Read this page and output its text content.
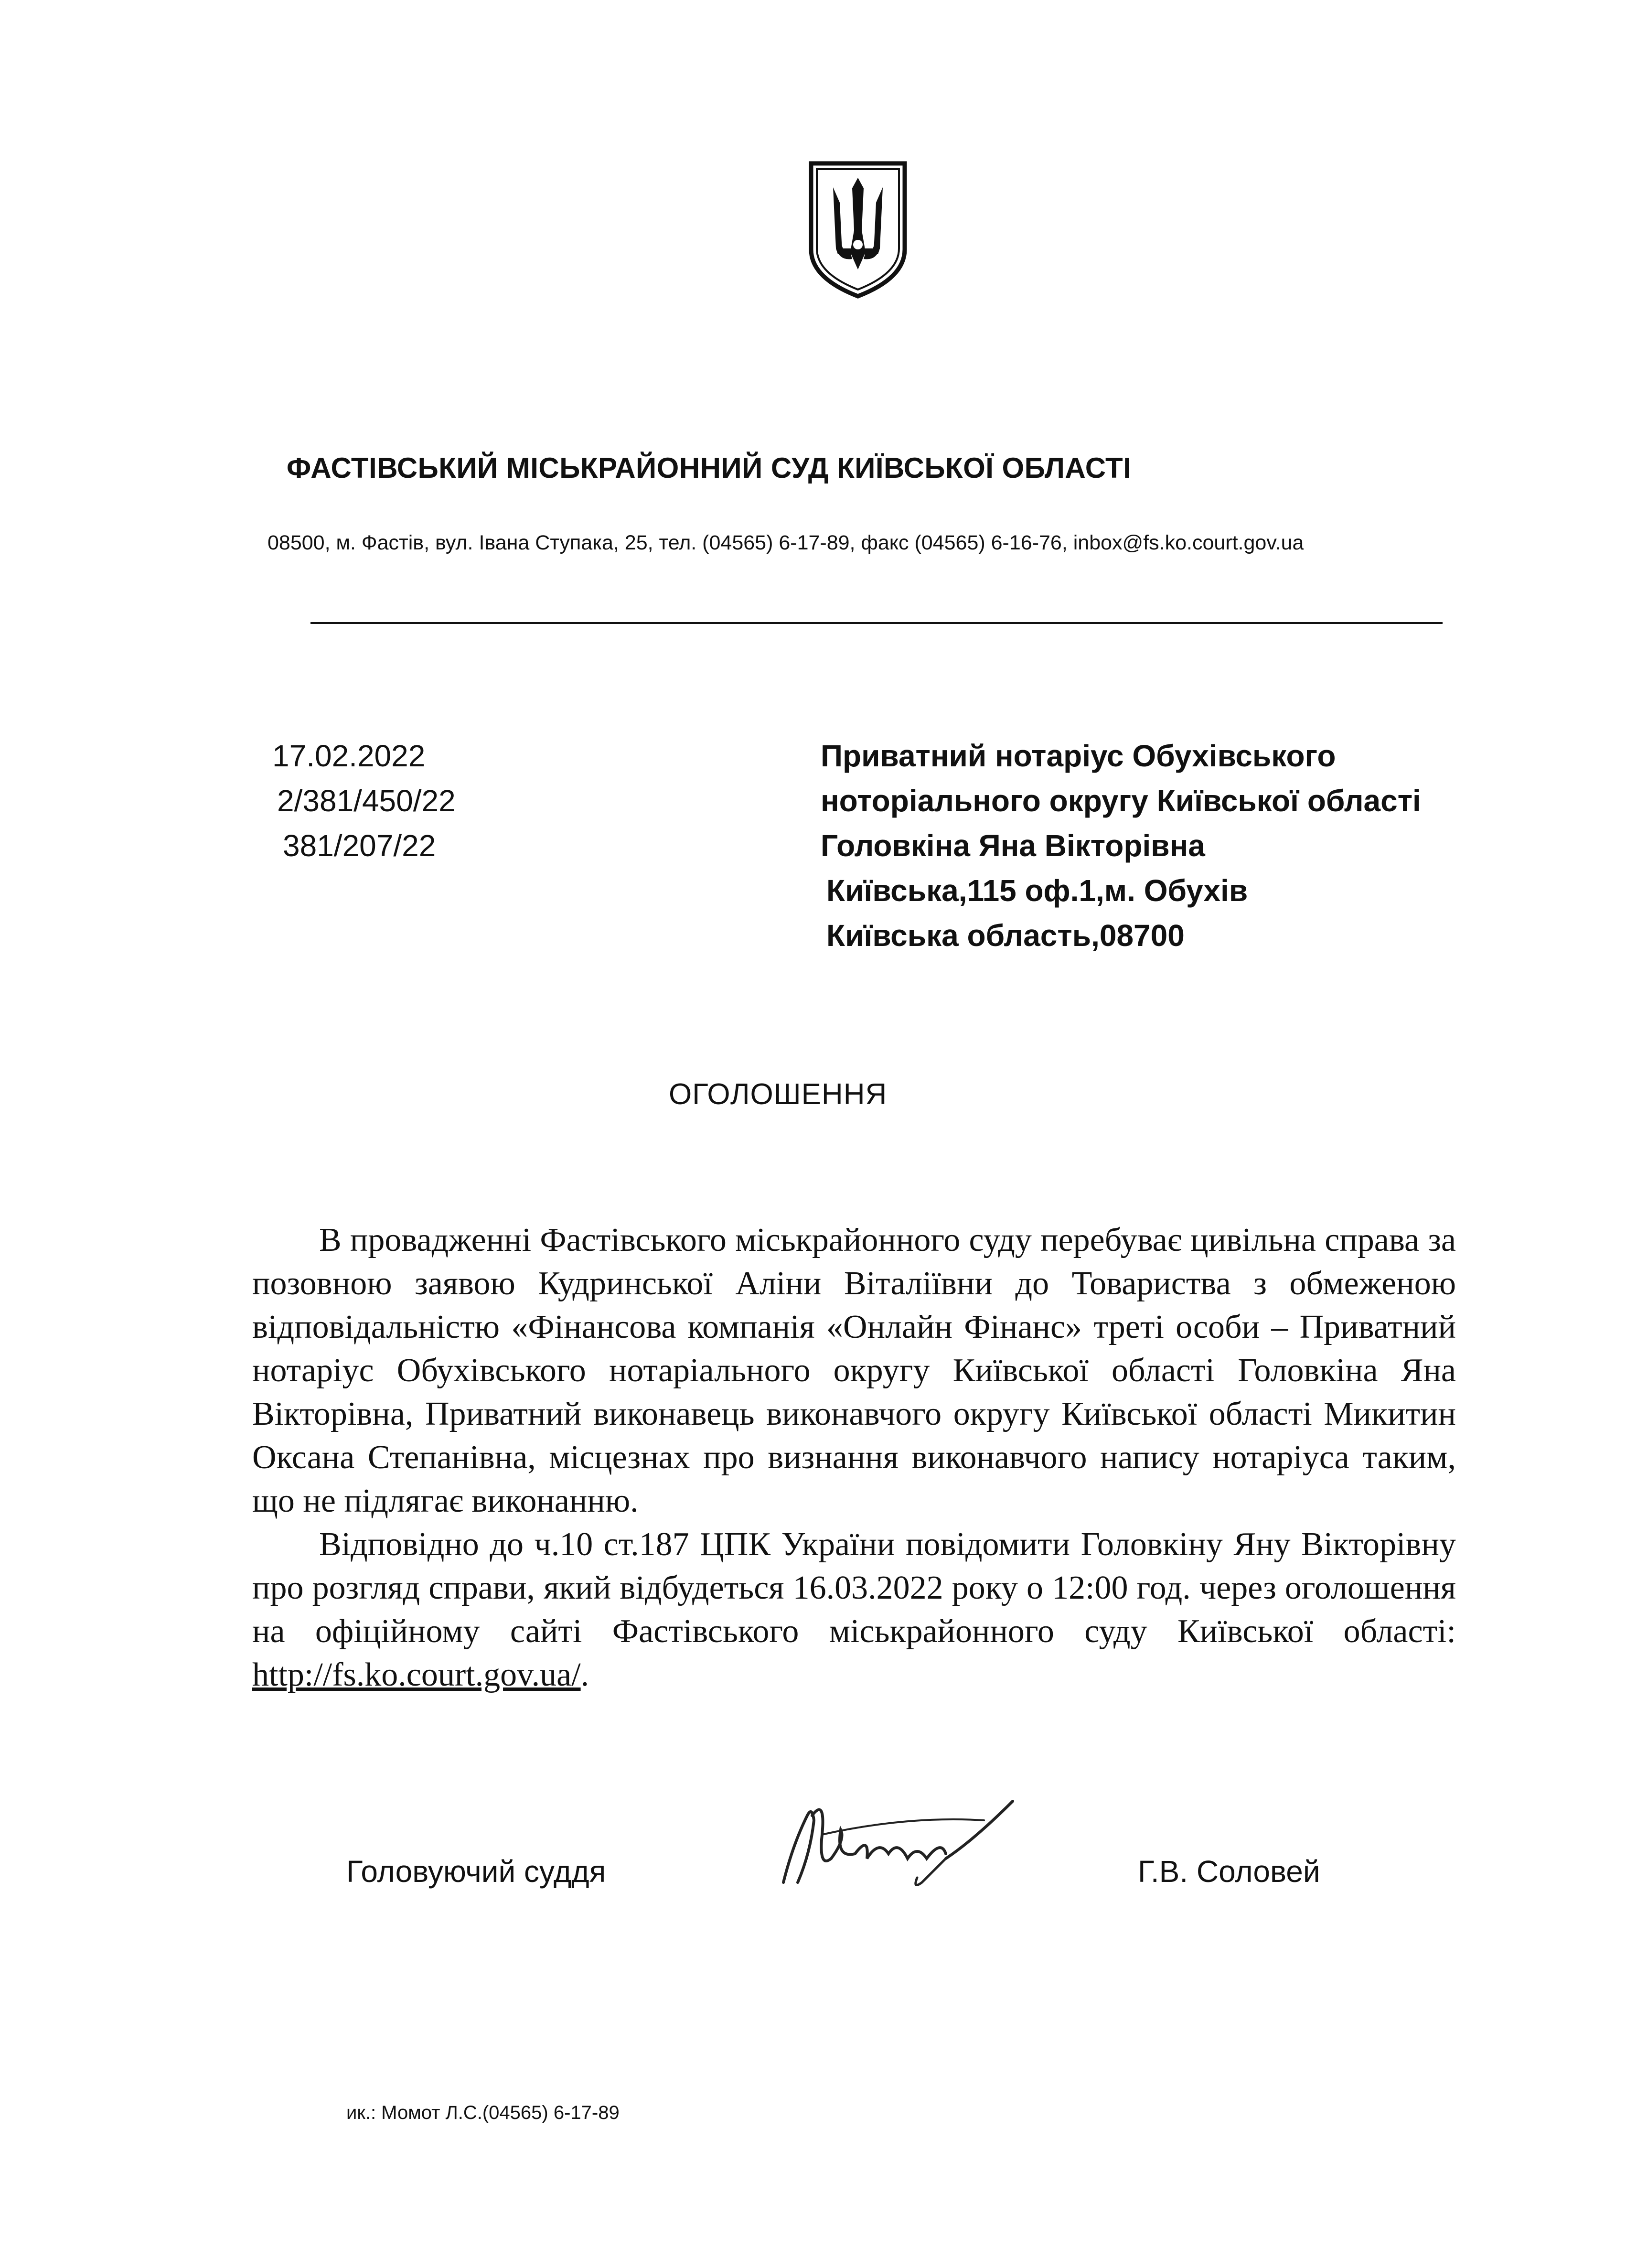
ФАСТІВСЬКИЙ МІСЬКРАЙОННИЙ СУД КИЇВСЬКОЇ ОБЛАСТІ
08500, м. Фастів, вул. Івана Ступака, 25, тел. (04565) 6-17-89, факс (04565) 6-16-76, inbox@fs.ko.court.gov.ua
17.02.2022
2/381/450/22
381/207/22
Приватний нотаріус Обухівського
нотоpіального округу Київської області
Головкіна Яна Вікторівна
Київська,115 оф.1,м. Обухів
Київська область,08700
ОГОЛОШЕННЯ

В провадженні Фастівського міськрайонного суду перебуває цивільна справа за позовною заявою Кудринської Аліни Віталіївни до Товариства з обмеженою відповідальністю «Фінансова компанія «Онлайн Фінанс» треті особи – Приватний нотаріус Обухівського нотаріального округу Київської області Головкіна Яна Вікторівна, Приватний виконавець виконавчого округу Київської області Микитин Оксана Степанівна, місцезнах про визнання виконавчого напису нотаріуса таким, що не підлягає виконанню.

Відповідно до ч.10 ст.187 ЦПК України повідомити Головкіну Яну Вікторівну про розгляд справи, який відбудеться 16.03.2022 року о 12:00 год. через оголошення на офіційному сайті Фастівського міськрайонного суду Київської області: http://fs.ko.court.gov.ua/.

Головуючий суддя	Г.В. Соловей
ик.: Момот Л.С.(04565) 6-17-89
